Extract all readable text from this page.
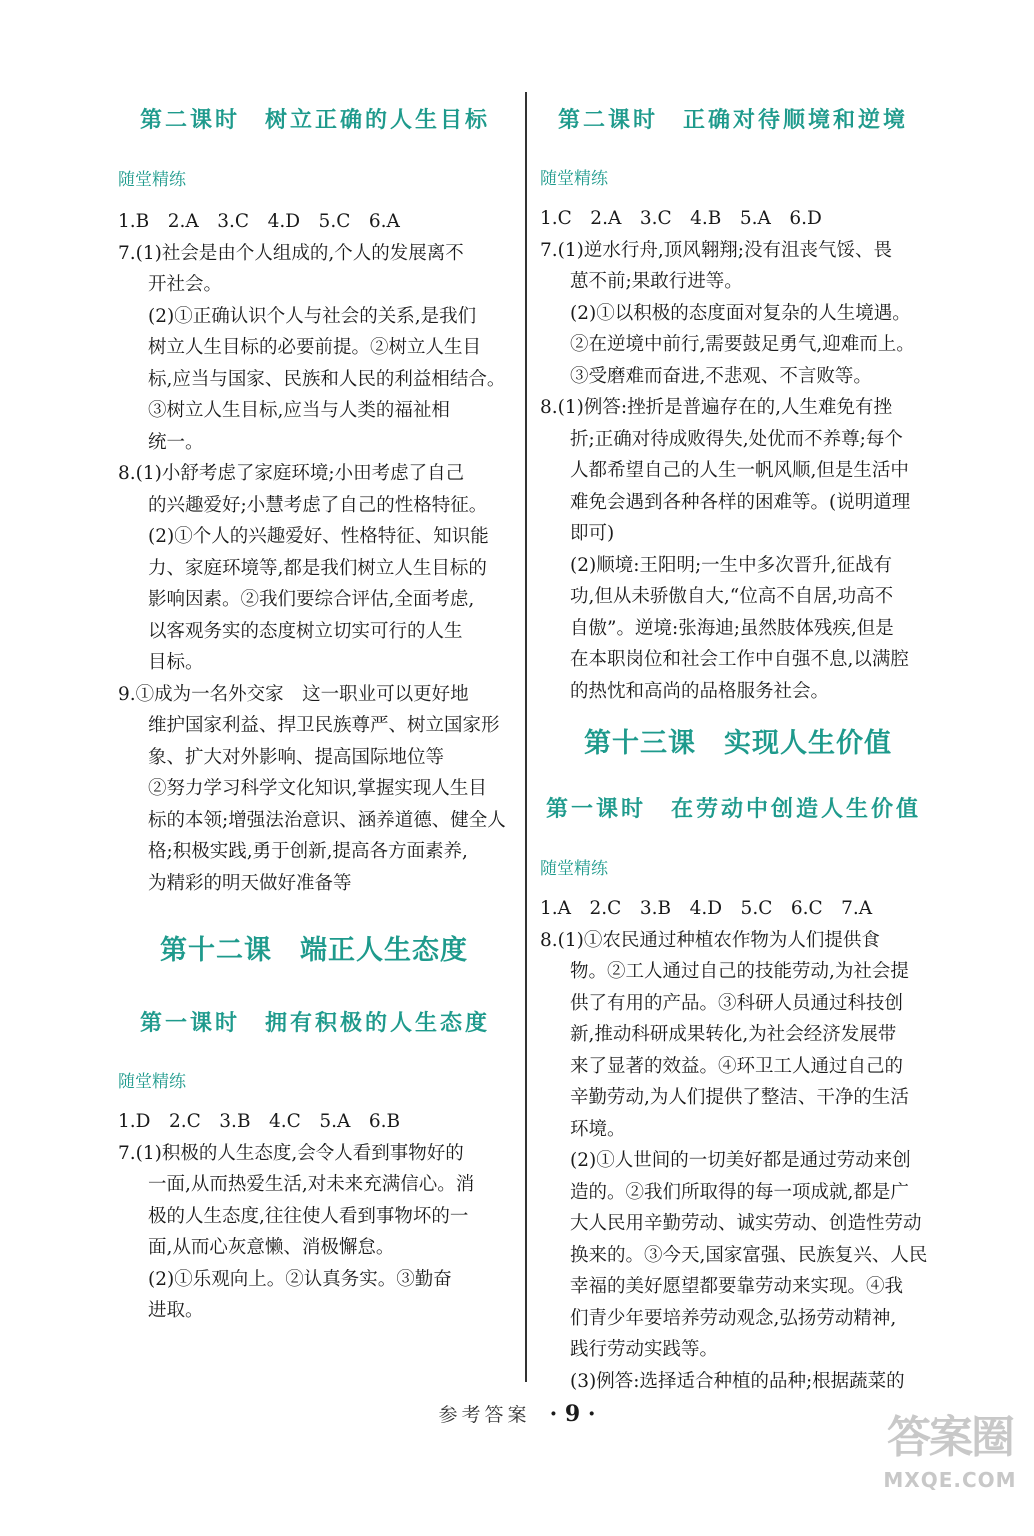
第二课时　树立正确的人生目标
随堂精练
1.B　2.A　3.C　4.D　5.C　6.A
7.(1)社会是由个人组成的,个人的发展离不
开社会。
(2)①正确认识个人与社会的关系,是我们
树立人生目标的必要前提。②树立人生目
标,应当与国家、民族和人民的利益相结合。
③树立人生目标,应当与人类的福祉相
统一。
8.(1)小舒考虑了家庭环境;小田考虑了自己
的兴趣爱好;小慧考虑了自己的性格特征。
(2)①个人的兴趣爱好、性格特征、知识能
力、家庭环境等,都是我们树立人生目标的
影响因素。②我们要综合评估,全面考虑,
以客观务实的态度树立切实可行的人生
目标。
9.①成为一名外交家　这一职业可以更好地
维护国家利益、捍卫民族尊严、树立国家形
象、扩大对外影响、提高国际地位等
②努力学习科学文化知识,掌握实现人生目
标的本领;增强法治意识、涵养道德、健全人
格;积极实践,勇于创新,提高各方面素养,
为精彩的明天做好准备等
第十二课　端正人生态度
第一课时　拥有积极的人生态度
随堂精练
1.D　2.C　3.B　4.C　5.A　6.B
7.(1)积极的人生态度,会令人看到事物好的
一面,从而热爱生活,对未来充满信心。消
极的人生态度,往往使人看到事物坏的一
面,从而心灰意懒、消极懈怠。
(2)①乐观向上。②认真务实。③勤奋
进取。
第二课时　正确对待顺境和逆境
随堂精练
1.C　2.A　3.C　4.B　5.A　6.D
7.(1)逆水行舟,顶风翱翔;没有沮丧气馁、畏
葸不前;果敢行进等。
(2)①以积极的态度面对复杂的人生境遇。
②在逆境中前行,需要鼓足勇气,迎难而上。
③受磨难而奋进,不悲观、不言败等。
8.(1)例答:挫折是普遍存在的,人生难免有挫
折;正确对待成败得失,处优而不养尊;每个
人都希望自己的人生一帆风顺,但是生活中
难免会遇到各种各样的困难等。(说明道理
即可)
(2)顺境:王阳明;一生中多次晋升,征战有
功,但从未骄傲自大,“位高不自居,功高不
自傲”。逆境:张海迪;虽然肢体残疾,但是
在本职岗位和社会工作中自强不息,以满腔
的热忱和高尚的品格服务社会。
第十三课　实现人生价值
第一课时　在劳动中创造人生价值
随堂精练
1.A　2.C　3.B　4.D　5.C　6.C　7.A
8.(1)①农民通过种植农作物为人们提供食
物。②工人通过自己的技能劳动,为社会提
供了有用的产品。③科研人员通过科技创
新,推动科研成果转化,为社会经济发展带
来了显著的效益。④环卫工人通过自己的
辛勤劳动,为人们提供了整洁、干净的生活
环境。
(2)①人世间的一切美好都是通过劳动来创
造的。②我们所取得的每一项成就,都是广
大人民用辛勤劳动、诚实劳动、创造性劳动
换来的。③今天,国家富强、民族复兴、人民
幸福的美好愿望都要靠劳动来实现。④我
们青少年要培养劳动观念,弘扬劳动精神,
践行劳动实践等。
(3)例答:选择适合种植的品种;根据蔬菜的
参考答案 · 9 ·	答案圈
MXQE.COM
